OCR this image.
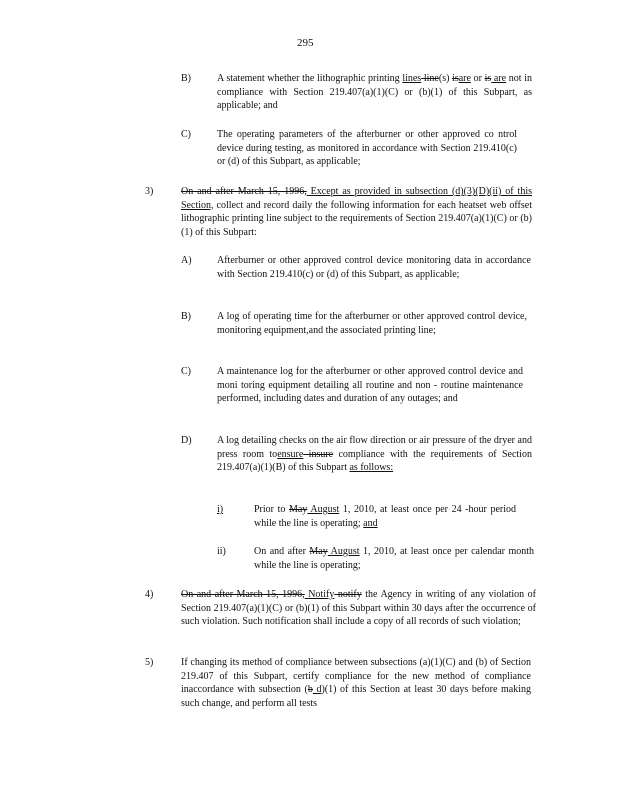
295
B)	A statement whether the lithographic printing lines line(s) isare or is are not in compliance with Section 219.407(a)(1)(C) or (b)(1) of this Subpart, as applicable; and
C)	The operating parameters of the afterburner or other approved co ntrol device during testing, as monitored in accordance with Section 219.410(c) or (d) of this Subpart, as applicable;
3)	On and after March 15, 1996, Except as provided in subsection (d)(3)(D)(ii) of this Section, collect and record daily the following information for each heatset web offset lithographic printing line subject to the requirements of Section 219.407(a)(1)(C) or (b)(1) of this Subpart:
A)	Afterburner or other approved control device monitoring data in accordance with Section 219.410(c) or (d) of this Subpart, as applicable;
B)	A log of operating time for the afterburner or other approved control device, monitoring equipment,and the associated printing line;
C)	A maintenance log for the afterburner or other approved control device and moni toring equipment detailing all routine and non - routine maintenance performed, including dates and duration of any outages; and
D)	A log detailing checks on the air flow direction or air pressure of the dryer and press room toensure insure compliance with the requirements of Section 219.407(a)(1)(B) of this Subpart as follows:
i)	Prior to May August 1, 2010, at least once per 24 -hour period while the line is operating; and
ii)	On and after May August 1, 2010, at least once per calendar month while the line is operating;
4)	On and after March 15, 1996, Notify notify the Agency in writing of any violation of Section 219.407(a)(1)(C) or (b)(1) of this Subpart within 30 days after the occurrence of such violation. Such notification shall include a copy of all records of such violation;
5)	If changing its method of compliance between subsections (a)(1)(C) and (b) of Section 219.407 of this Subpart, certify compliance for the new method of compliance inaccordance with subsection (b d)(1) of this Section at least 30 days before making such change, and perform all tests
